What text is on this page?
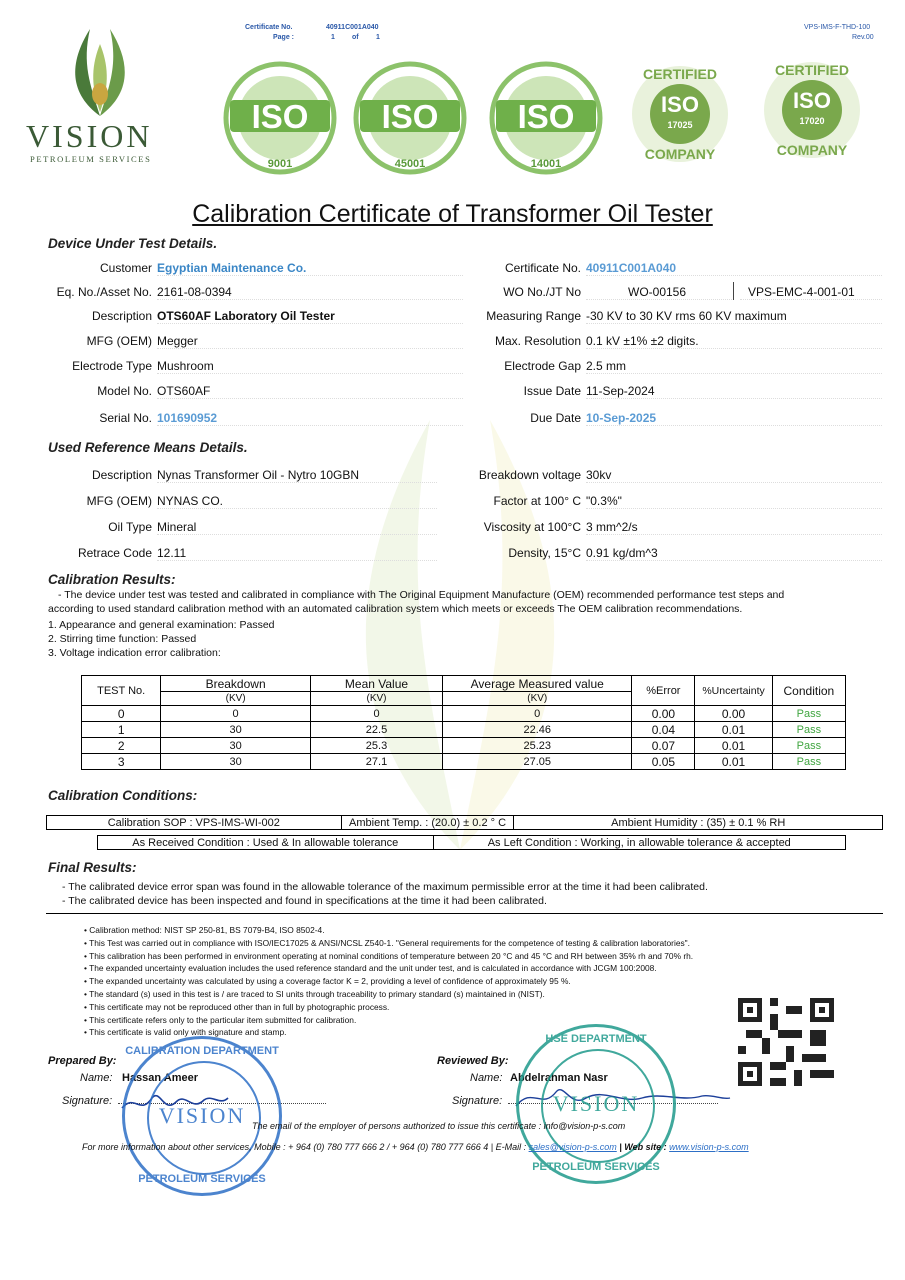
VISION
PETROLEUM SERVICES
Certificate No.	40911C001A040
Page :	1 of 1
VPS-IMS-F-THD-100
Rev.00
ISO
9001
ISO
45001
ISO
14001
CERTIFIED
ISO
17025
COMPANY
CERTIFIED
ISO
17020
COMPANY
Calibration Certificate of Transformer Oil Tester
Device Under Test Details.
Customer Egyptian Maintenance Co.
Eq. No./Asset No. 2161-08-0394
Description OTS60AF Laboratory Oil Tester
MFG (OEM) Megger
Electrode Type Mushroom
Model No. OTS60AF
Serial No. 101690952
Certificate No. 40911C001A040
WO No./JT No	WO-00156	VPS-EMC-4-001-01
Measuring Range -30 KV to 30 KV rms 60 KV maximum
Max. Resolution 0.1 kV ±1% ±2 digits.
Electrode Gap 2.5 mm
Issue Date 11-Sep-2024
Due Date 10-Sep-2025
Used Reference Means Details.
Description Nynas Transformer Oil - Nytro 10GBN
MFG (OEM) NYNAS CO.
Oil Type Mineral
Retrace Code 12.11
Breakdown voltage 30kv
Factor at 100° C "0.3%"
Viscosity at 100°C 3 mm^2/s
Density, 15°C 0.91 kg/dm^3
Calibration Results:
- The device under test was tested and calibrated in compliance with The Original Equipment Manufacture (OEM) recommended performance test steps and
according to used standard calibration method with an automated calibration system which meets or exceeds The OEM calibration recommendations.
1. Appearance and general examination: Passed
2. Stirring time function: Passed
3. Voltage indication error calibration:
TEST No.	Breakdown	Mean Value	Average Measured value	%Error	%Uncertainty	Condition
	(KV)	(KV)	(KV)			
0	0	0	0	0.00	0.00	Pass
1	30	22.5	22.46	0.04	0.01	Pass
2	30	25.3	25.23	0.07	0.01	Pass
3	30	27.1	27.05	0.05	0.01	Pass
Calibration Conditions:
Calibration SOP : VPS-IMS-WI-002	Ambient Temp. : (20.0) ± 0.2 ° C	Ambient Humidity : (35) ± 0.1 % RH
As Received Condition : Used & In allowable tolerance	As Left Condition : Working, in allowable tolerance & accepted
Final Results:
- The calibrated device error span was found in the allowable tolerance of the maximum permissible error at the time it had been calibrated.
- The calibrated device has been inspected and found in specifications at the time it had been calibrated.
• Calibration method: NIST SP 250-81, BS 7079-B4, ISO 8502-4.
• This Test was carried out in compliance with ISO/IEC17025 & ANSI/NCSL Z540-1. "General requirements for the competence of testing & calibration laboratories".
• This calibration has been performed in environment operating at nominal conditions of temperature between 20 °C and 45 °C and RH between 35% rh and 70% rh.
• The expanded uncertainty evaluation includes the used reference standard and the unit under test, and is calculated in accordance with JCGM 100:2008.
• The expanded uncertainty was calculated by using a coverage factor K = 2, providing a level of confidence of approximately 95 %.
• The standard (s) used in this test is / are traced to SI units through traceability to primary standard (s) maintained in (NIST).
• This certificate may not be reproduced other than in full by photographic process.
• This certificate refers only to the particular item submitted for calibration.
• This certificate is valid only with signature and stamp.
Prepared By:
Name: Hassan Ameer
Signature:
Reviewed By:
Name: Abdelrahman Nasr
Signature:
CALIBRATION DEPARTMENT
VISION
PETROLEUM SERVICES
HSE DEPARTMENT
VISION
PETROLEUM SERVICES
The email of the employer of persons authorized to issue this certificate : info@vision-p-s.com
For more information about other services, Mobile : + 964 (0) 780 777 666 2 / + 964 (0) 780 777 666 4 | E-Mail : sales@vision-p-s.com | Web site : www.vision-p-s.com
